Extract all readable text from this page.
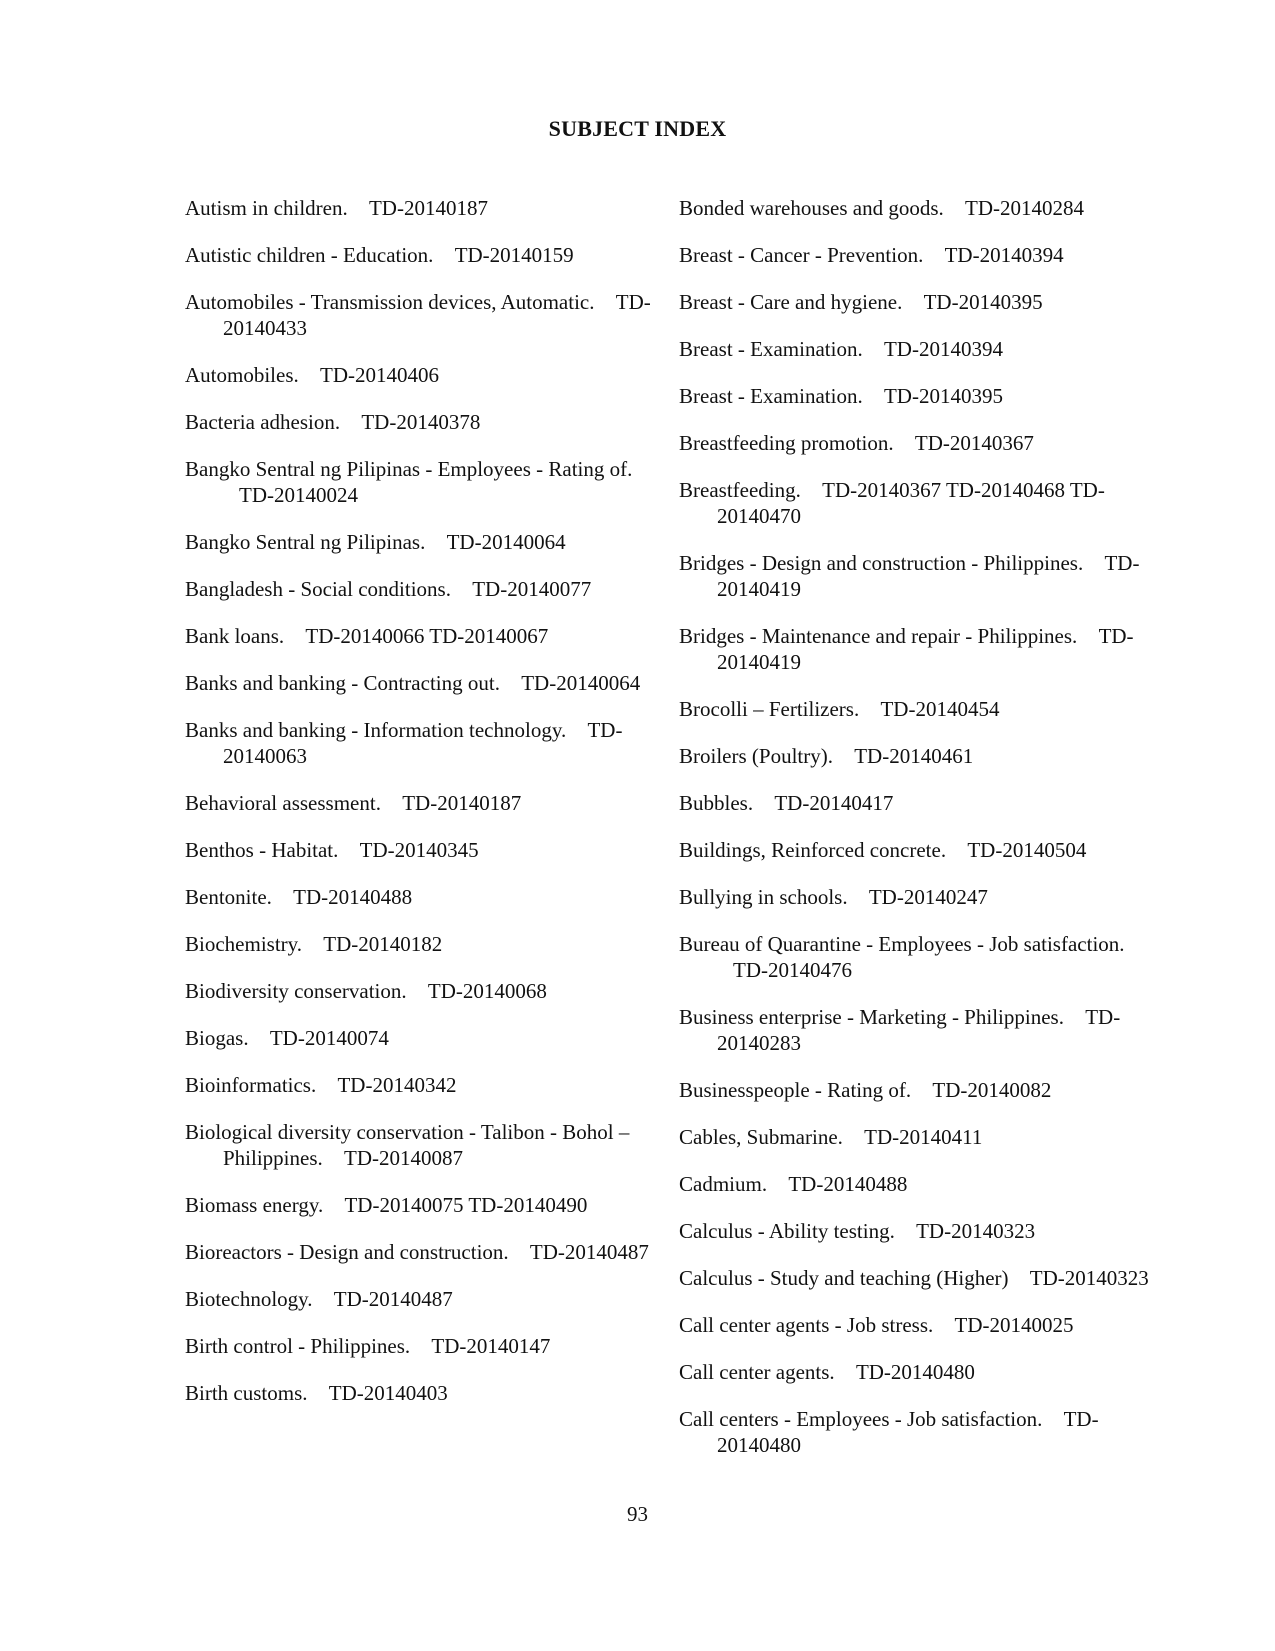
SUBJECT INDEX
Autism in children. TD-20140187
Autistic children - Education. TD-20140159
Automobiles - Transmission devices, Automatic. TD-20140433
Automobiles. TD-20140406
Bacteria adhesion. TD-20140378
Bangko Sentral ng Pilipinas - Employees - Rating of. TD-20140024
Bangko Sentral ng Pilipinas. TD-20140064
Bangladesh - Social conditions. TD-20140077
Bank loans. TD-20140066 TD-20140067
Banks and banking - Contracting out. TD-20140064
Banks and banking - Information technology. TD-20140063
Behavioral assessment. TD-20140187
Benthos - Habitat. TD-20140345
Bentonite. TD-20140488
Biochemistry. TD-20140182
Biodiversity conservation. TD-20140068
Biogas. TD-20140074
Bioinformatics. TD-20140342
Biological diversity conservation - Talibon - Bohol – Philippines. TD-20140087
Biomass energy. TD-20140075 TD-20140490
Bioreactors - Design and construction. TD-20140487
Biotechnology. TD-20140487
Birth control - Philippines. TD-20140147
Birth customs. TD-20140403
Bonded warehouses and goods. TD-20140284
Breast - Cancer - Prevention. TD-20140394
Breast - Care and hygiene. TD-20140395
Breast - Examination. TD-20140394
Breast - Examination. TD-20140395
Breastfeeding promotion. TD-20140367
Breastfeeding. TD-20140367 TD-20140468 TD-20140470
Bridges - Design and construction - Philippines. TD-20140419
Bridges - Maintenance and repair - Philippines. TD-20140419
Brocolli – Fertilizers. TD-20140454
Broilers (Poultry). TD-20140461
Bubbles. TD-20140417
Buildings, Reinforced concrete. TD-20140504
Bullying in schools. TD-20140247
Bureau of Quarantine - Employees - Job satisfaction. TD-20140476
Business enterprise - Marketing - Philippines. TD-20140283
Businesspeople - Rating of. TD-20140082
Cables, Submarine. TD-20140411
Cadmium. TD-20140488
Calculus - Ability testing. TD-20140323
Calculus - Study and teaching (Higher) TD-20140323
Call center agents - Job stress. TD-20140025
Call center agents. TD-20140480
Call centers - Employees - Job satisfaction. TD-20140480
93
